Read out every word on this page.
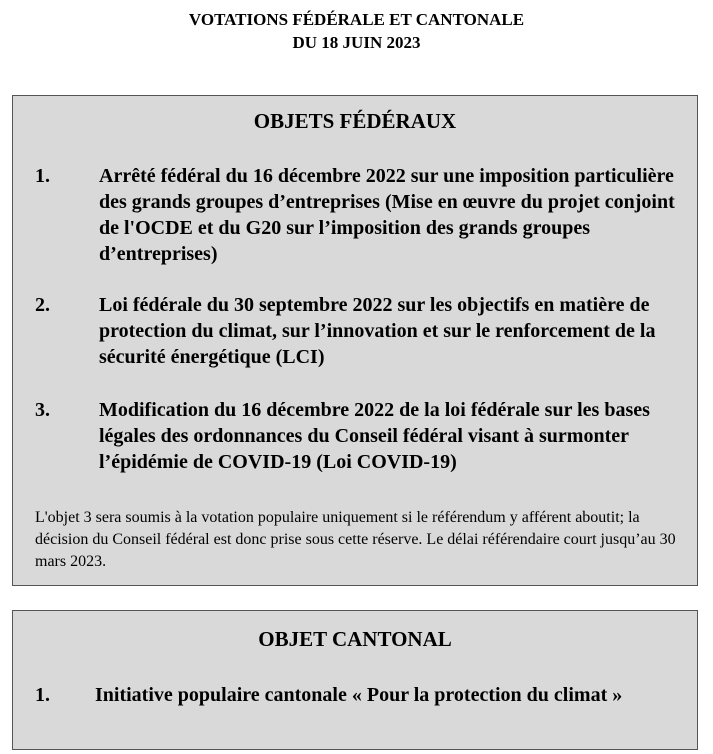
VOTATIONS FÉDÉRALE ET CANTONALE
DU 18 JUIN 2023
OBJETS FÉDÉRAUX
1. Arrêté fédéral du 16 décembre 2022 sur une imposition particulière des grands groupes d’entreprises (Mise en œuvre du projet conjoint de l'OCDE et du G20 sur l’imposition des grands groupes d’entreprises)
2. Loi fédérale du 30 septembre 2022 sur les objectifs en matière de protection du climat, sur l’innovation et sur le renforcement de la sécurité énergétique (LCI)
3. Modification du 16 décembre 2022 de la loi fédérale sur les bases légales des ordonnances du Conseil fédéral visant à surmonter l’épidémie de COVID-19 (Loi COVID-19)
L'objet 3 sera soumis à la votation populaire uniquement si le référendum y afférent aboutit; la décision du Conseil fédéral est donc prise sous cette réserve. Le délai référendaire court jusqu’au 30 mars 2023.
OBJET CANTONAL
1. Initiative populaire cantonale « Pour la protection du climat »
